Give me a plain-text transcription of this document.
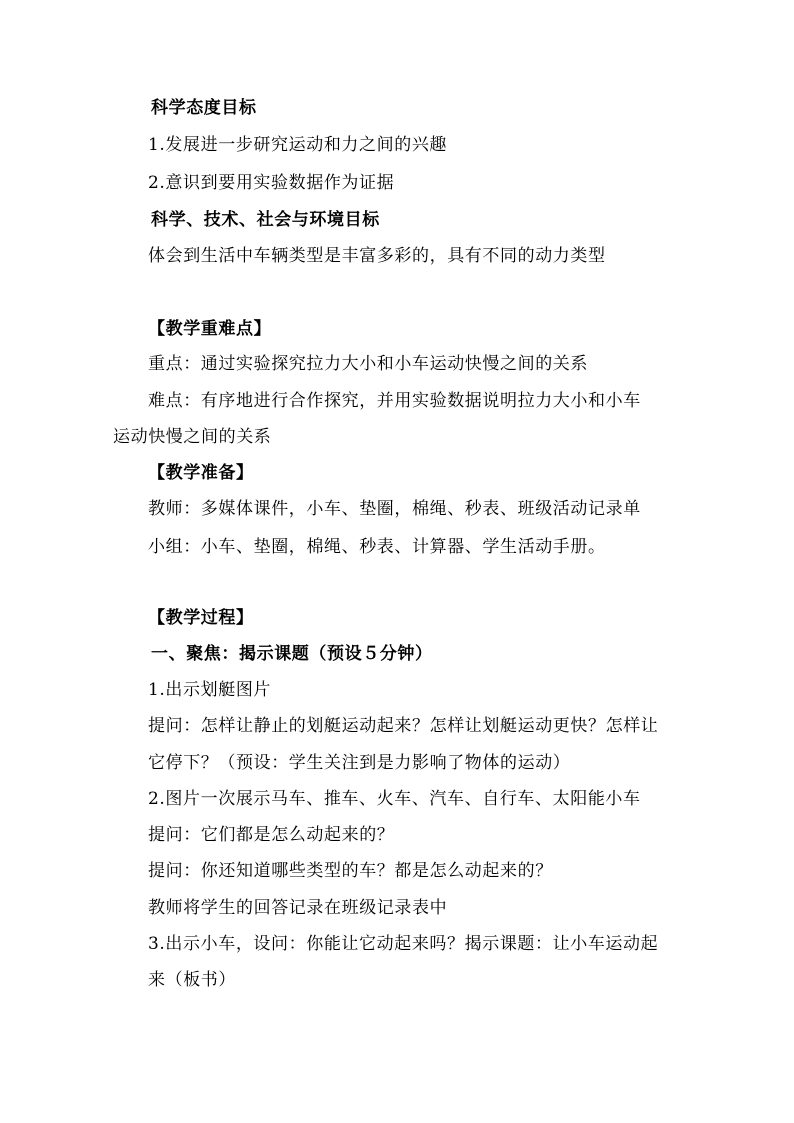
科学态度目标
1.发展进一步研究运动和力之间的兴趣
2.意识到要用实验数据作为证据
科学、技术、社会与环境目标
体会到生活中车辆类型是丰富多彩的，具有不同的动力类型
【教学重难点】
重点：通过实验探究拉力大小和小车运动快慢之间的关系
难点：有序地进行合作探究，并用实验数据说明拉力大小和小车
运动快慢之间的关系
【教学准备】
教师：多媒体课件，小车、垫圈，棉绳、秒表、班级活动记录单
小组：小车、垫圈，棉绳、秒表、计算器、学生活动手册。
【教学过程】
一、聚焦：揭示课题（预设５分钟）
1.出示划艇图片
提问：怎样让静止的划艇运动起来？怎样让划艇运动更快？怎样让
它停下？（预设：学生关注到是力影响了物体的运动）
2.图片一次展示马车、推车、火车、汽车、自行车、太阳能小车
提问：它们都是怎么动起来的？
提问：你还知道哪些类型的车？都是怎么动起来的？
教师将学生的回答记录在班级记录表中
3.出示小车，设问：你能让它动起来吗？揭示课题：让小车运动起
来（板书）
